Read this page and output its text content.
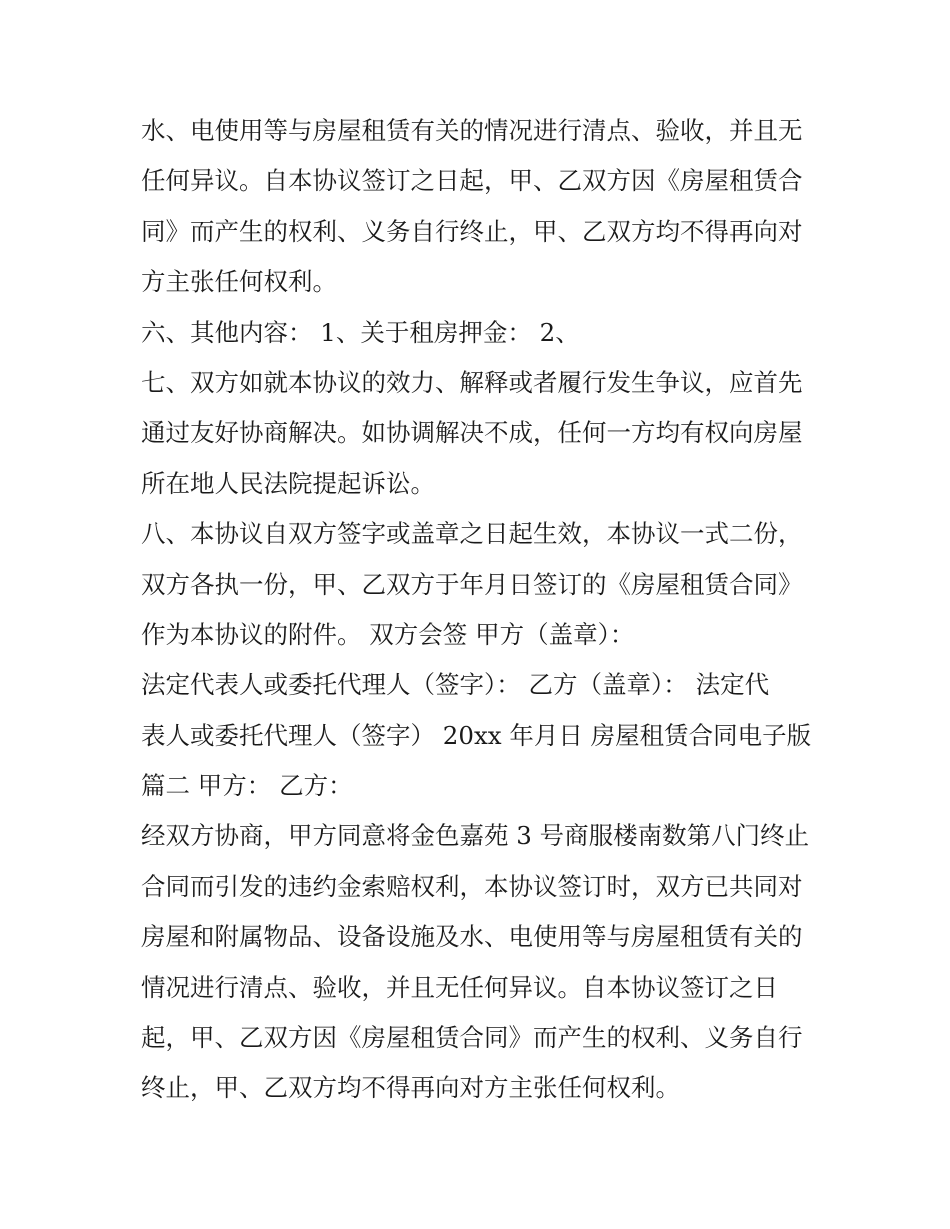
水、电使用等与房屋租赁有关的情况进行清点、验收，并且无
任何异议。自本协议签订之日起，甲、乙双方因《房屋租赁合
同》而产生的权利、义务自行终止，甲、乙双方均不得再向对
方主张任何权利。
六、其他内容： 1、关于租房押金： 2、
七、双方如就本协议的效力、解释或者履行发生争议，应首先
通过友好协商解决。如协调解决不成，任何一方均有权向房屋
所在地人民法院提起诉讼。
八、本协议自双方签字或盖章之日起生效，本协议一式二份，
双方各执一份，甲、乙双方于年月日签订的《房屋租赁合同》
作为本协议的附件。 双方会签 甲方（盖章）：
法定代表人或委托代理人（签字）： 乙方（盖章）： 法定代
表人或委托代理人（签字） 20xx 年月日 房屋租赁合同电子版
篇二 甲方： 乙方：
经双方协商，甲方同意将金色嘉苑 3 号商服楼南数第八门终止
合同而引发的违约金索赔权利，本协议签订时，双方已共同对
房屋和附属物品、设备设施及水、电使用等与房屋租赁有关的
情况进行清点、验收，并且无任何异议。自本协议签订之日
起，甲、乙双方因《房屋租赁合同》而产生的权利、义务自行
终止，甲、乙双方均不得再向对方主张任何权利。
